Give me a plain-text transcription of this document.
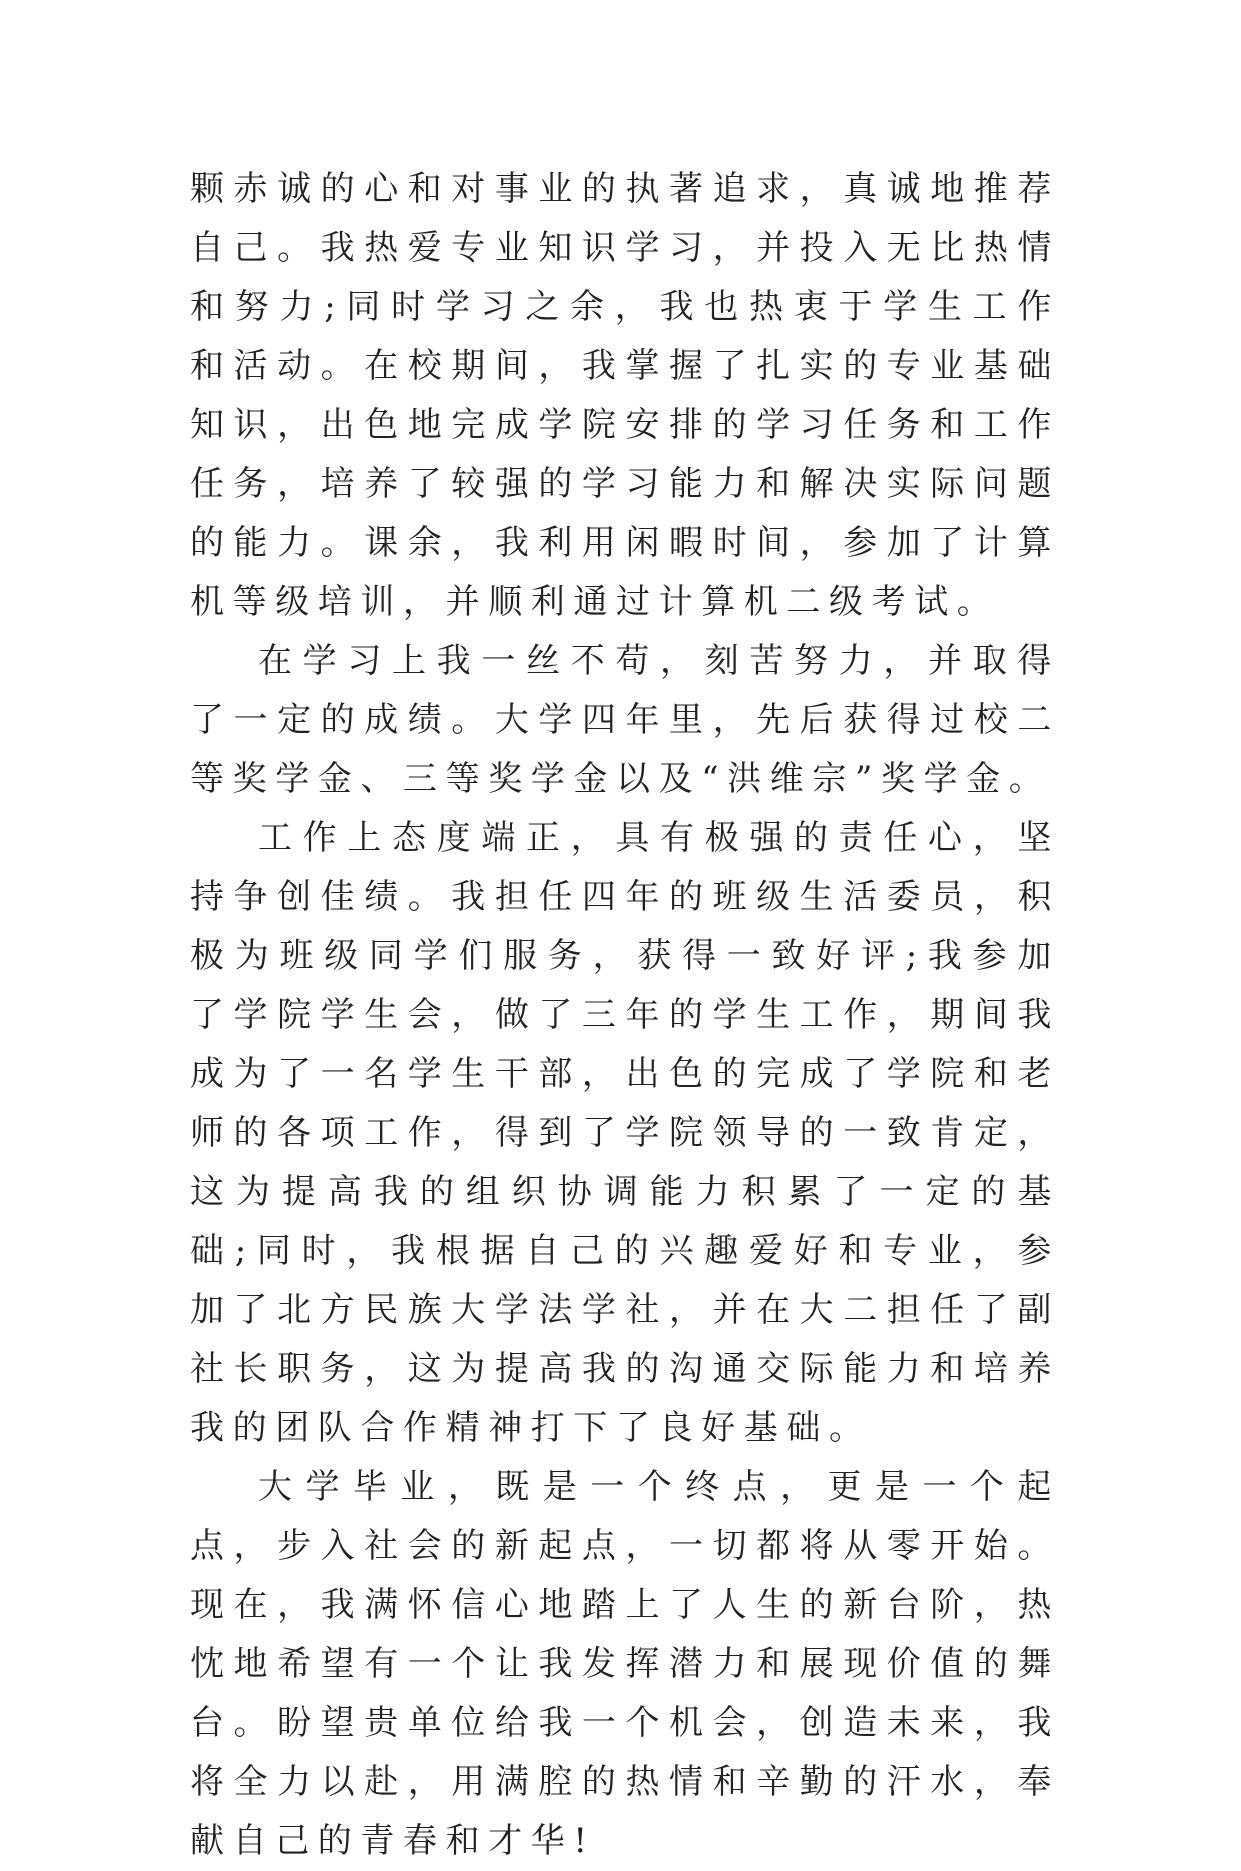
颗赤诚的心和对事业的执著追求，真诚地推荐自己。我热爱专业知识学习，并投入无比热情和努力;同时学习之余，我也热衷于学生工作和活动。在校期间，我掌握了扎实的专业基础知识，出色地完成学院安排的学习任务和工作任务，培养了较强的学习能力和解决实际问题的能力。课余，我利用闲暇时间，参加了计算机等级培训，并顺利通过计算机二级考试。

在学习上我一丝不苟，刻苦努力，并取得了一定的成绩。大学四年里，先后获得过校二等奖学金、三等奖学金以及“洪维宗”奖学金。

工作上态度端正，具有极强的责任心，坚持争创佳绩。我担任四年的班级生活委员，积极为班级同学们服务，获得一致好评;我参加了学院学生会，做了三年的学生工作，期间我成为了一名学生干部，出色的完成了学院和老师的各项工作，得到了学院领导的一致肯定，这为提高我的组织协调能力积累了一定的基础;同时，我根据自己的兴趣爱好和专业，参加了北方民族大学法学社，并在大二担任了副社长职务，这为提高我的沟通交际能力和培养我的团队合作精神打下了良好基础。

大学毕业，既是一个终点，更是一个起点，步入社会的新起点，一切都将从零开始。现在，我满怀信心地踏上了人生的新台阶，热忱地希望有一个让我发挥潜力和展现价值的舞台。盼望贵单位给我一个机会，创造未来，我将全力以赴，用满腔的热情和辛勤的汗水，奉献自己的青春和才华!
